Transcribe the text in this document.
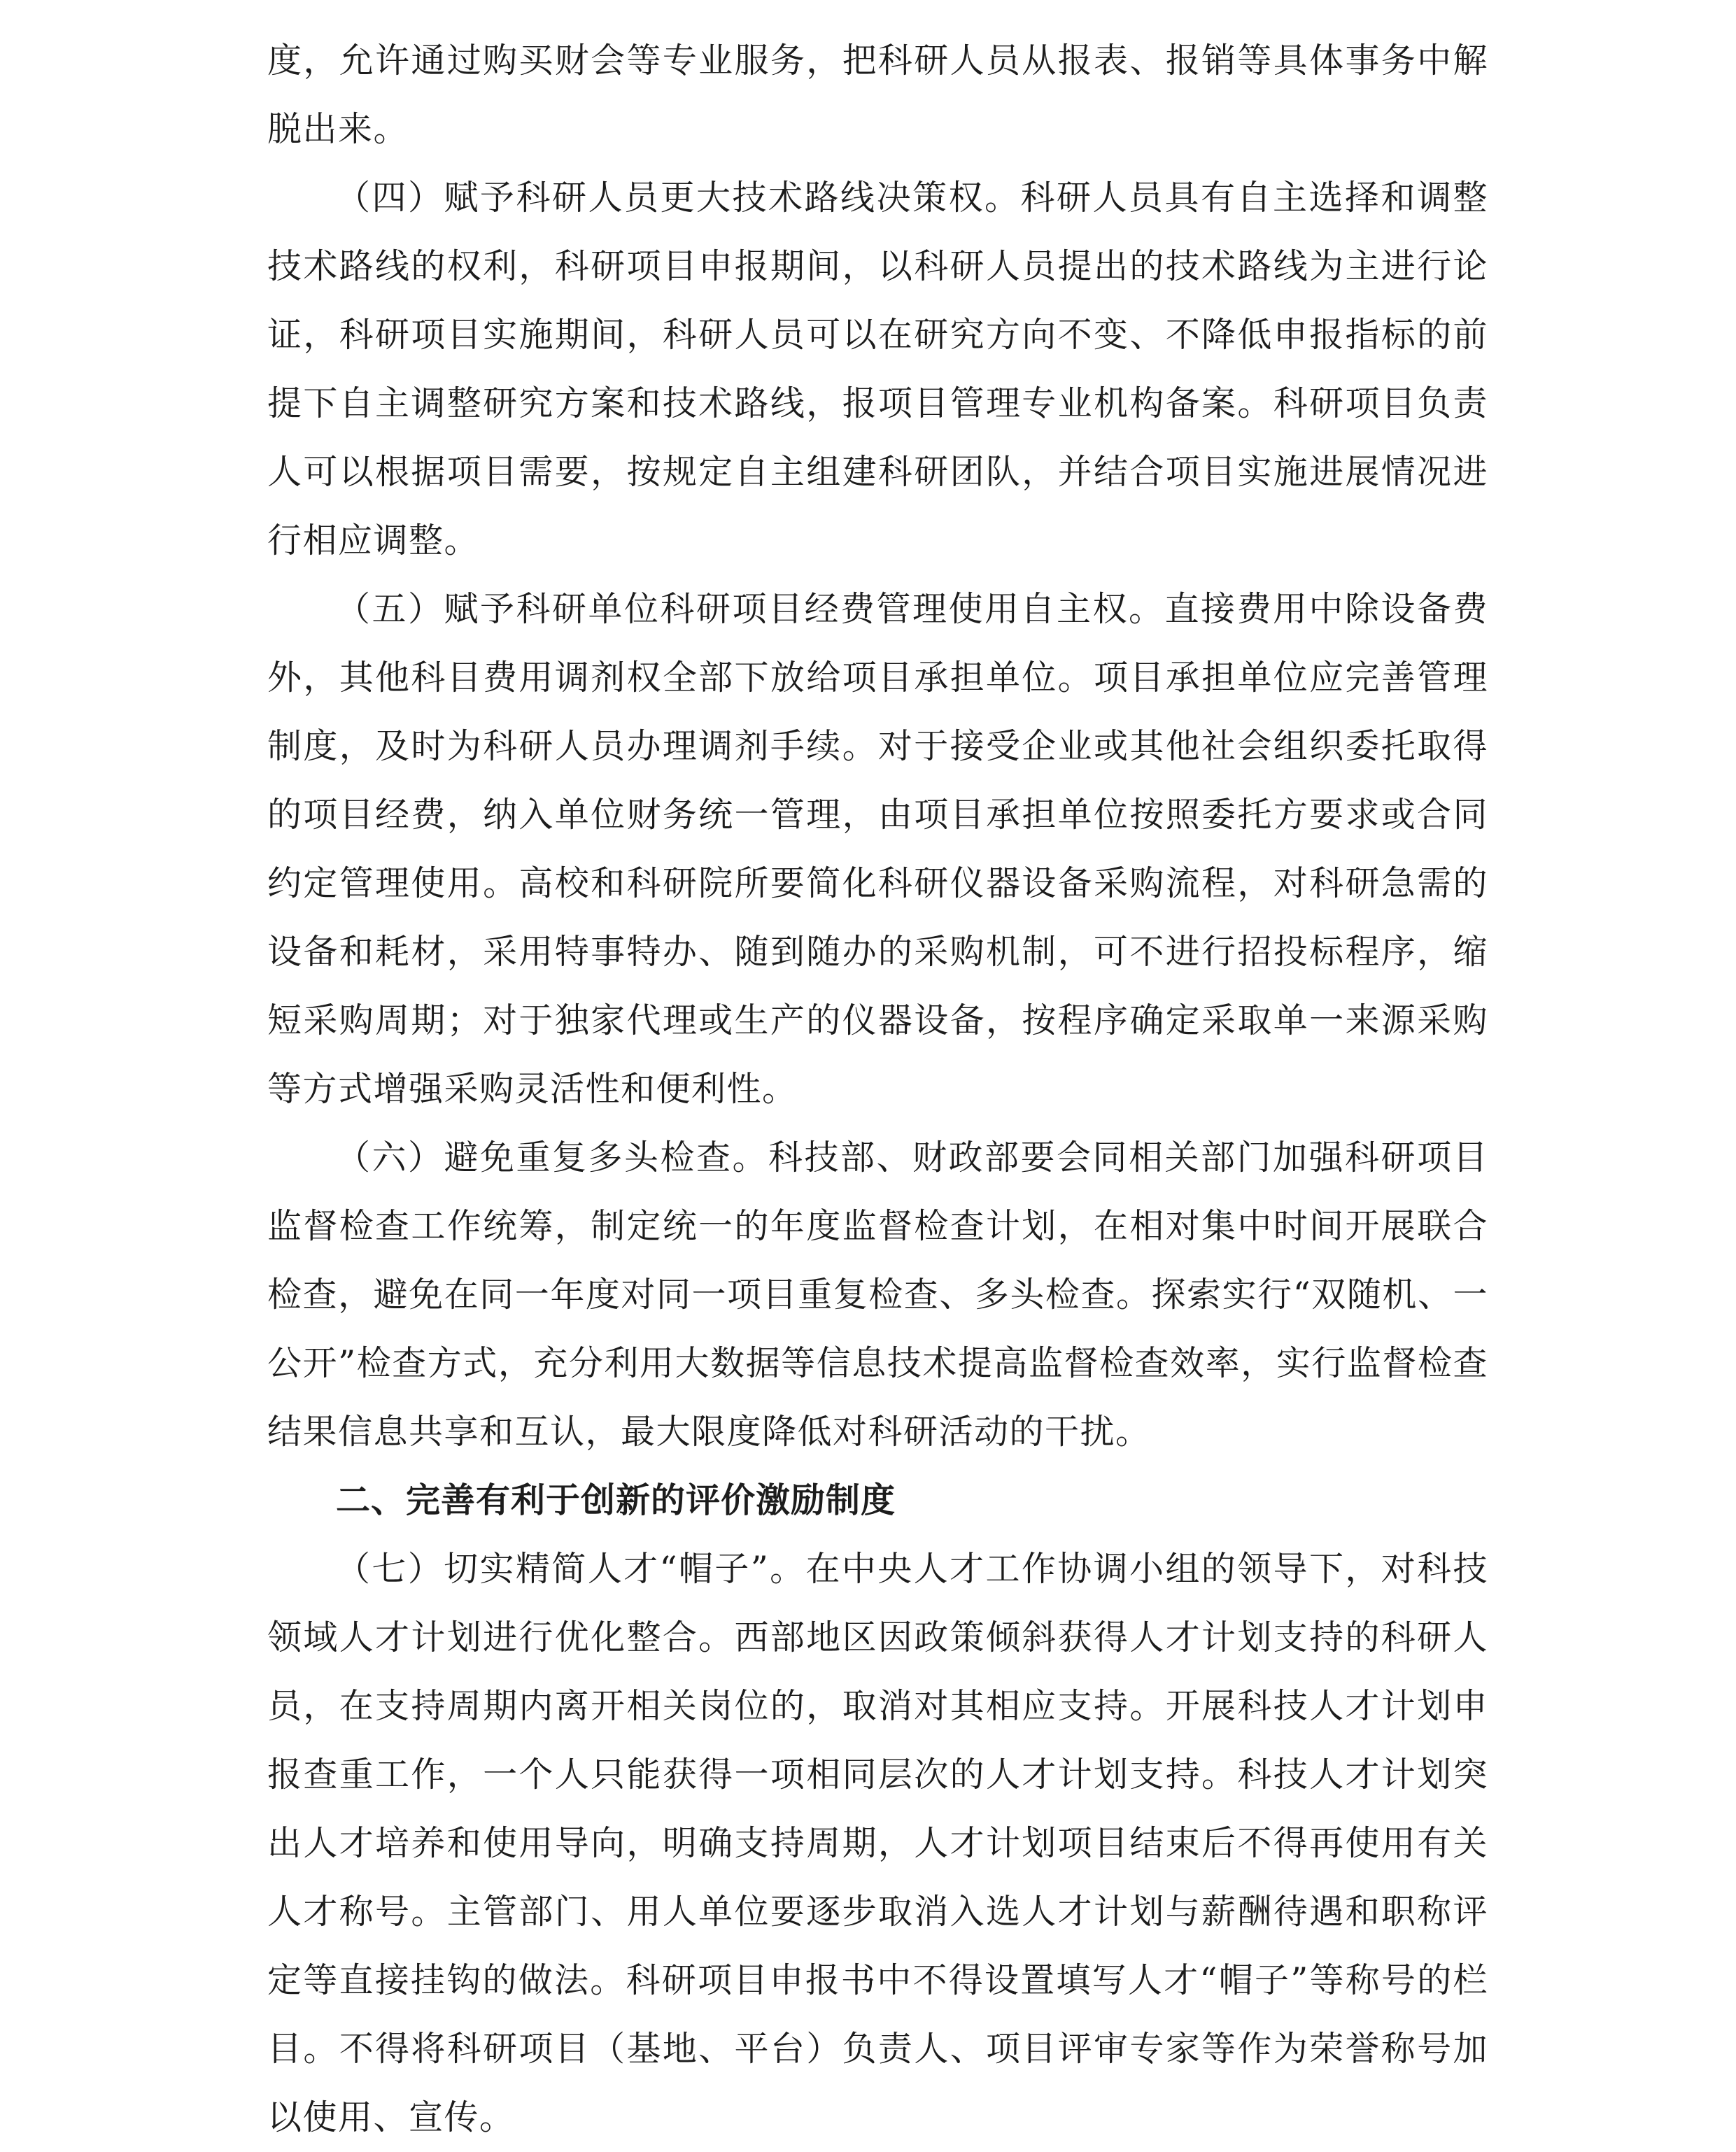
度，允许通过购买财会等专业服务，把科研人员从报表、报销等具体事务中解脱出来。

（四）赋予科研人员更大技术路线决策权。科研人员具有自主选择和调整技术路线的权利，科研项目申报期间，以科研人员提出的技术路线为主进行论证，科研项目实施期间，科研人员可以在研究方向不变、不降低申报指标的前提下自主调整研究方案和技术路线，报项目管理专业机构备案。科研项目负责人可以根据项目需要，按规定自主组建科研团队，并结合项目实施进展情况进行相应调整。

（五）赋予科研单位科研项目经费管理使用自主权。直接费用中除设备费外，其他科目费用调剂权全部下放给项目承担单位。项目承担单位应完善管理制度，及时为科研人员办理调剂手续。对于接受企业或其他社会组织委托取得的项目经费，纳入单位财务统一管理，由项目承担单位按照委托方要求或合同约定管理使用。高校和科研院所要简化科研仪器设备采购流程，对科研急需的设备和耗材，采用特事特办、随到随办的采购机制，可不进行招投标程序，缩短采购周期；对于独家代理或生产的仪器设备，按程序确定采取单一来源采购等方式增强采购灵活性和便利性。

（六）避免重复多头检查。科技部、财政部要会同相关部门加强科研项目监督检查工作统筹，制定统一的年度监督检查计划，在相对集中时间开展联合检查，避免在同一年度对同一项目重复检查、多头检查。探索实行“双随机、一公开”检查方式，充分利用大数据等信息技术提高监督检查效率，实行监督检查结果信息共享和互认，最大限度降低对科研活动的干扰。

二、完善有利于创新的评价激励制度

（七）切实精简人才“帽子”。在中央人才工作协调小组的领导下，对科技领域人才计划进行优化整合。西部地区因政策倾斜获得人才计划支持的科研人员，在支持周期内离开相关岗位的，取消对其相应支持。开展科技人才计划申报查重工作，一个人只能获得一项相同层次的人才计划支持。科技人才计划突出人才培养和使用导向，明确支持周期，人才计划项目结束后不得再使用有关人才称号。主管部门、用人单位要逐步取消入选人才计划与薪酬待遇和职称评定等直接挂钩的做法。科研项目申报书中不得设置填写人才“帽子”等称号的栏目。不得将科研项目（基地、平台）负责人、项目评审专家等作为荣誉称号加以使用、宣传。
